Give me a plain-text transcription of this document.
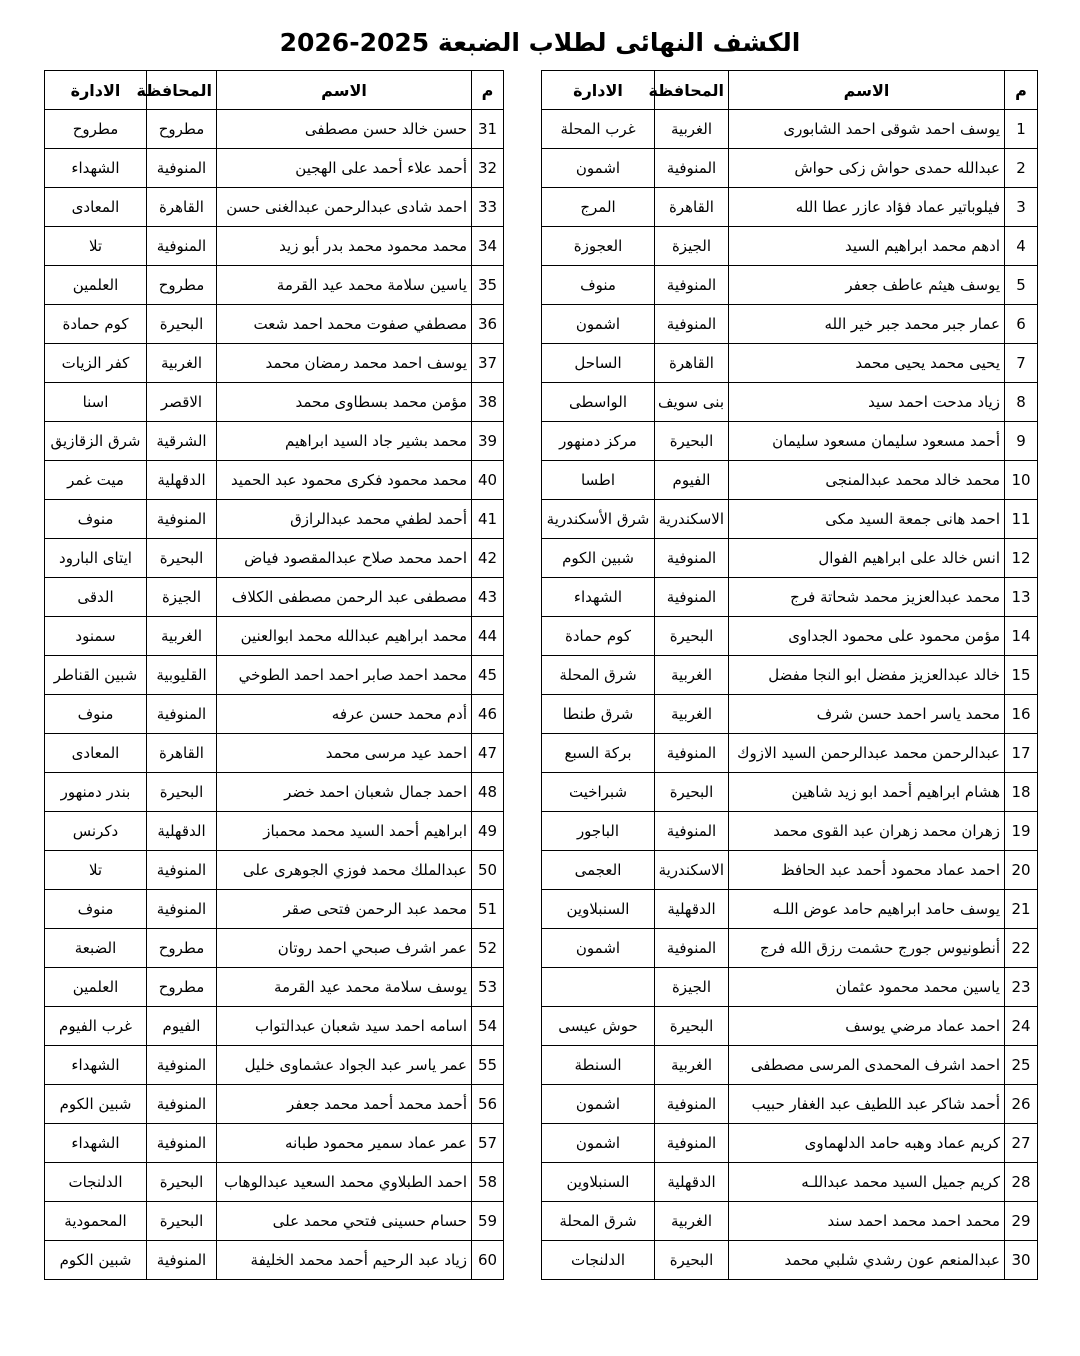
الكشف النهائى لطلاب الضبعة 2025-2026
م	الاسم	المحافظة	الادارة
1	يوسف احمد شوقى احمد الشابورى	الغربية	غرب المحلة
2	عبدالله حمدى حواش زكى حواش	المنوفية	اشمون
3	فيلوباتير عماد فؤاد عازر عطا الله	القاهرة	المرج
4	ادهم محمد ابراهيم السيد	الجيزة	العجوزة
5	يوسف هيثم عاطف جعفر	المنوفية	منوف
6	عمار جبر محمد جبر خير الله	المنوفية	اشمون
7	يحيى محمد يحيى محمد	القاهرة	الساحل
8	زياد مدحت احمد سيد	بنى سويف	الواسطى
9	أحمد مسعود سليمان مسعود سليمان	البحيرة	مركز دمنهور
10	محمد خالد محمد عبدالمنجى	الفيوم	اطسا
11	احمد هانى جمعة السيد مكى	الاسكندرية	شرق الأسكندرية
12	انس خالد على ابراهيم الفوال	المنوفية	شبين الكوم
13	محمد عبدالعزيز محمد شحاتة فرج	المنوفية	الشهداء
14	مؤمن محمود على محمود الجداوى	البحيرة	كوم حمادة
15	خالد عبدالعزيز مفضل ابو النجا مفضل	الغربية	شرق المحلة
16	محمد ياسر احمد حسن شرف	الغربية	شرق طنطا
17	عبدالرحمن محمد عبدالرحمن السيد الازوك	المنوفية	بركة السبع
18	هشام ابراهيم أحمد ابو زيد شاهين	البحيرة	شبراخيت
19	زهران محمد زهران عبد القوى محمد	المنوفية	الباجور
20	احمد عماد محمود أحمد عبد الحافظ	الاسكندرية	العجمى
21	يوسف حامد ابراهيم حامد عوض اللـه	الدقهلية	السنبلاوين
22	أنطونيوس جورج حشمت رزق الله فرج	المنوفية	اشمون
23	ياسين محمد محمود عثمان	الجيزة	
24	احمد عماد مرضي يوسف	البحيرة	حوش عيسى
25	احمد اشرف المحمدى المرسى مصطفى	الغربية	السنطة
26	أحمد شاكر عبد اللطيف عبد الغفار حبيب	المنوفية	اشمون
27	كريم عماد وهبه حامد الدلهماوى	المنوفية	اشمون
28	كريم جميل السيد محمد عبداللـه	الدقهلية	السنبلاوين
29	محمد احمد محمد احمد سند	الغربية	شرق المحلة
30	عبدالمنعم عون رشدي شلبي محمد	البحيرة	الدلنجات
م	الاسم	المحافظة	الادارة
31	حسن خالد حسن مصطفى	مطروح	مطروح
32	أحمد علاء أحمد على الهجين	المنوفية	الشهداء
33	احمد شادى عبدالرحمن عبدالغنى حسن	القاهرة	المعادى
34	محمد محمود محمد بدر أبو زيد	المنوفية	تلا
35	ياسين سلامة محمد عيد القرمة	مطروح	العلمين
36	مصطفي صفوت محمد احمد شعت	البحيرة	كوم حمادة
37	يوسف احمد محمد رمضان محمد	الغربية	كفر الزيات
38	مؤمن محمد بسطاوى محمد	الاقصر	اسنا
39	محمد بشير جاد السيد ابراهيم	الشرقية	شرق الزقازيق
40	محمد محمود فكرى محمود عبد الحميد	الدقهلية	ميت غمر
41	أحمد لطفي محمد عبدالرازق	المنوفية	منوف
42	احمد محمد صلاح عبدالمقصود فياض	البحيرة	ايتاى البارود
43	مصطفى عبد الرحمن مصطفى الكلاف	الجيزة	الدقى
44	محمد ابراهيم عبدالله محمد ابوالعنين	الغربية	سمنود
45	محمد احمد صابر احمد احمد الطوخي	القليوبية	شبين القناطر
46	أدم محمد حسن عرفه	المنوفية	منوف
47	احمد عيد مرسى محمد	القاهرة	المعادى
48	احمد جمال شعبان احمد خضر	البحيرة	بندر دمنهور
49	ابراهيم أحمد السيد محمد محمباز	الدقهلية	دكرنس
50	عبدالملك محمد فوزي الجوهرى على	المنوفية	تلا
51	محمد عبد الرحمن فتحى صقر	المنوفية	منوف
52	عمر اشرف صبحي احمد روتان	مطروح	الضبعة
53	يوسف سلامة محمد عيد القرمة	مطروح	العلمين
54	اسامه احمد سيد شعبان عبدالتواب	الفيوم	غرب الفيوم
55	عمر ياسر عبد الجواد عشماوى خليل	المنوفية	الشهداء
56	أحمد محمد أحمد محمد جعفر	المنوفية	شبين الكوم
57	عمر عماد سمير محمود طبانه	المنوفية	الشهداء
58	احمد الطبلاوي محمد السعيد عبدالوهاب	البحيرة	الدلنجات
59	حسام حسينى فتحي محمد على	البحيرة	المحمودية
60	زياد عبد الرحيم أحمد محمد الخليفة	المنوفية	شبين الكوم
